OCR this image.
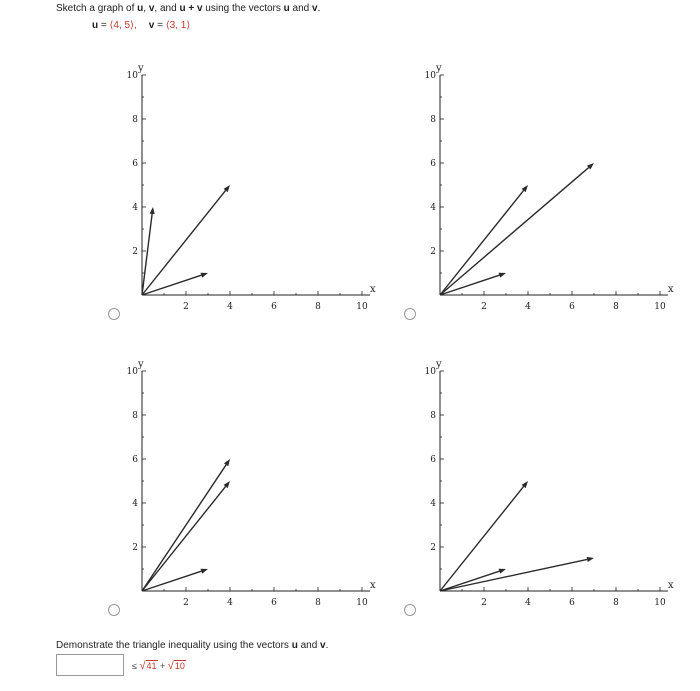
Sketch a graph of u, v, and u + v using the vectors u and v.
u = ⟨4, 5⟩, v = ⟨3, 1⟩
2	4	6	8	10
2
4
6
8
10
x
y
2	4	6	8	10
2
4
6
8
10
x
y
2	4	6	8	10
2
4
6
8
10
x
y
2	4	6	8	10
2
4
6
8
10
x
y
Demonstrate the triangle inequality using the vectors u and v.
≤ √41 + √10
